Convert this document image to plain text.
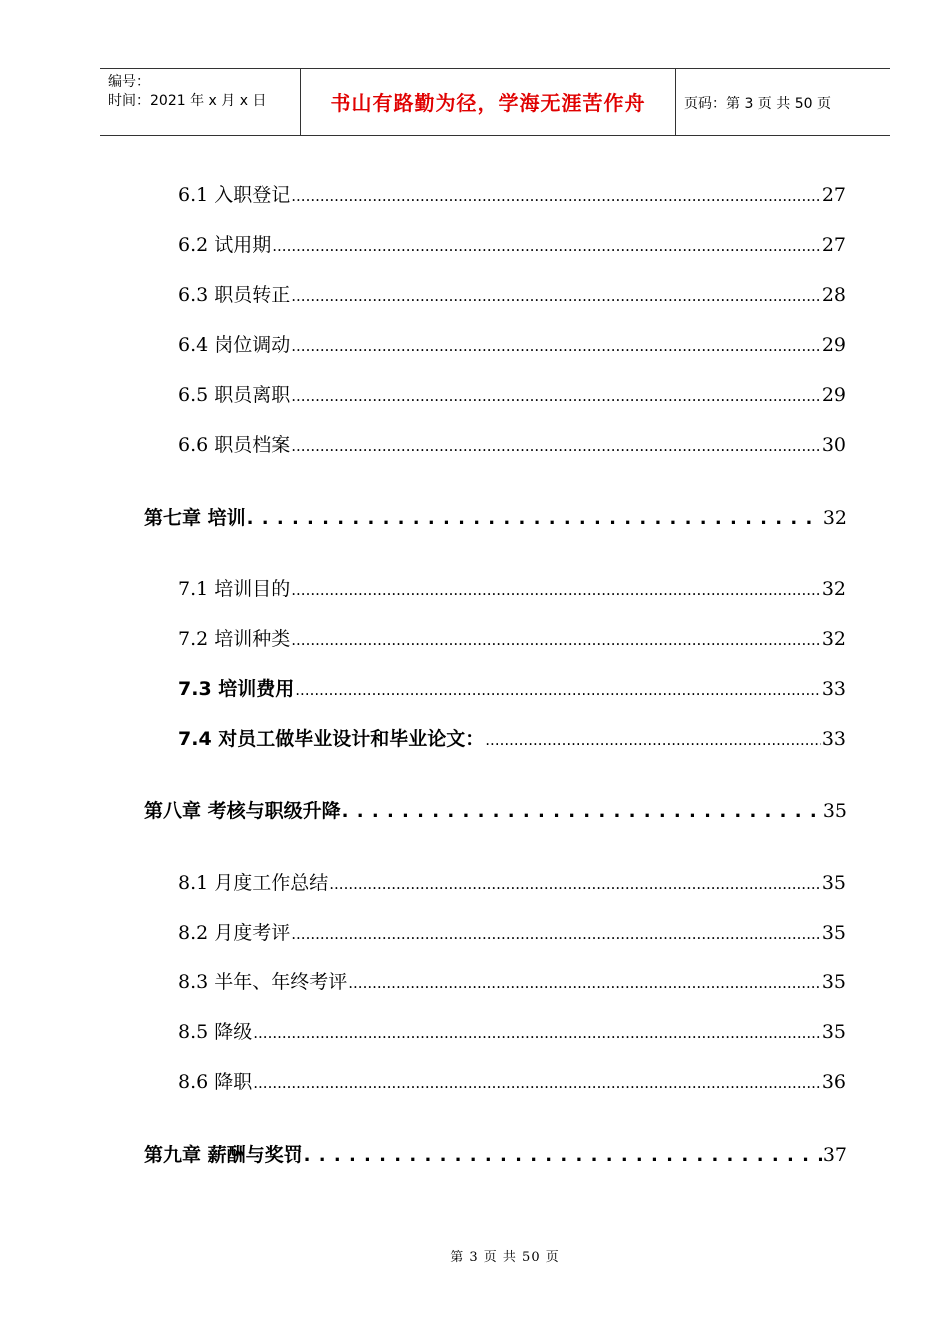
编号：
时间：2021 年 x 月 x 日	书山有路勤为径，学海无涯苦作舟	页码：第 3 页 共 50 页
6.1 入职登记 .....	27
6.2 试用期 .....	27
6.3 职员转正 .....	28
6.4 岗位调动 .....	29
6.5 职员离职 .....	29
6.6 职员档案 .....	30
第七章 培训 . . .	32
7.1 培训目的 .....	32
7.2 培训种类 .....	32
7.3 培训费用 .....	33
7.4 对员工做毕业设计和毕业论文： .....	33
第八章 考核与职级升降 . . .	35
8.1 月度工作总结 .....	35
8.2 月度考评 .....	35
8.3 半年、年终考评 .....	35
8.5 降级 .....	35
8.6 降职 .....	36
第九章 薪酬与奖罚 . . .	37
第 3 页 共 50 页
